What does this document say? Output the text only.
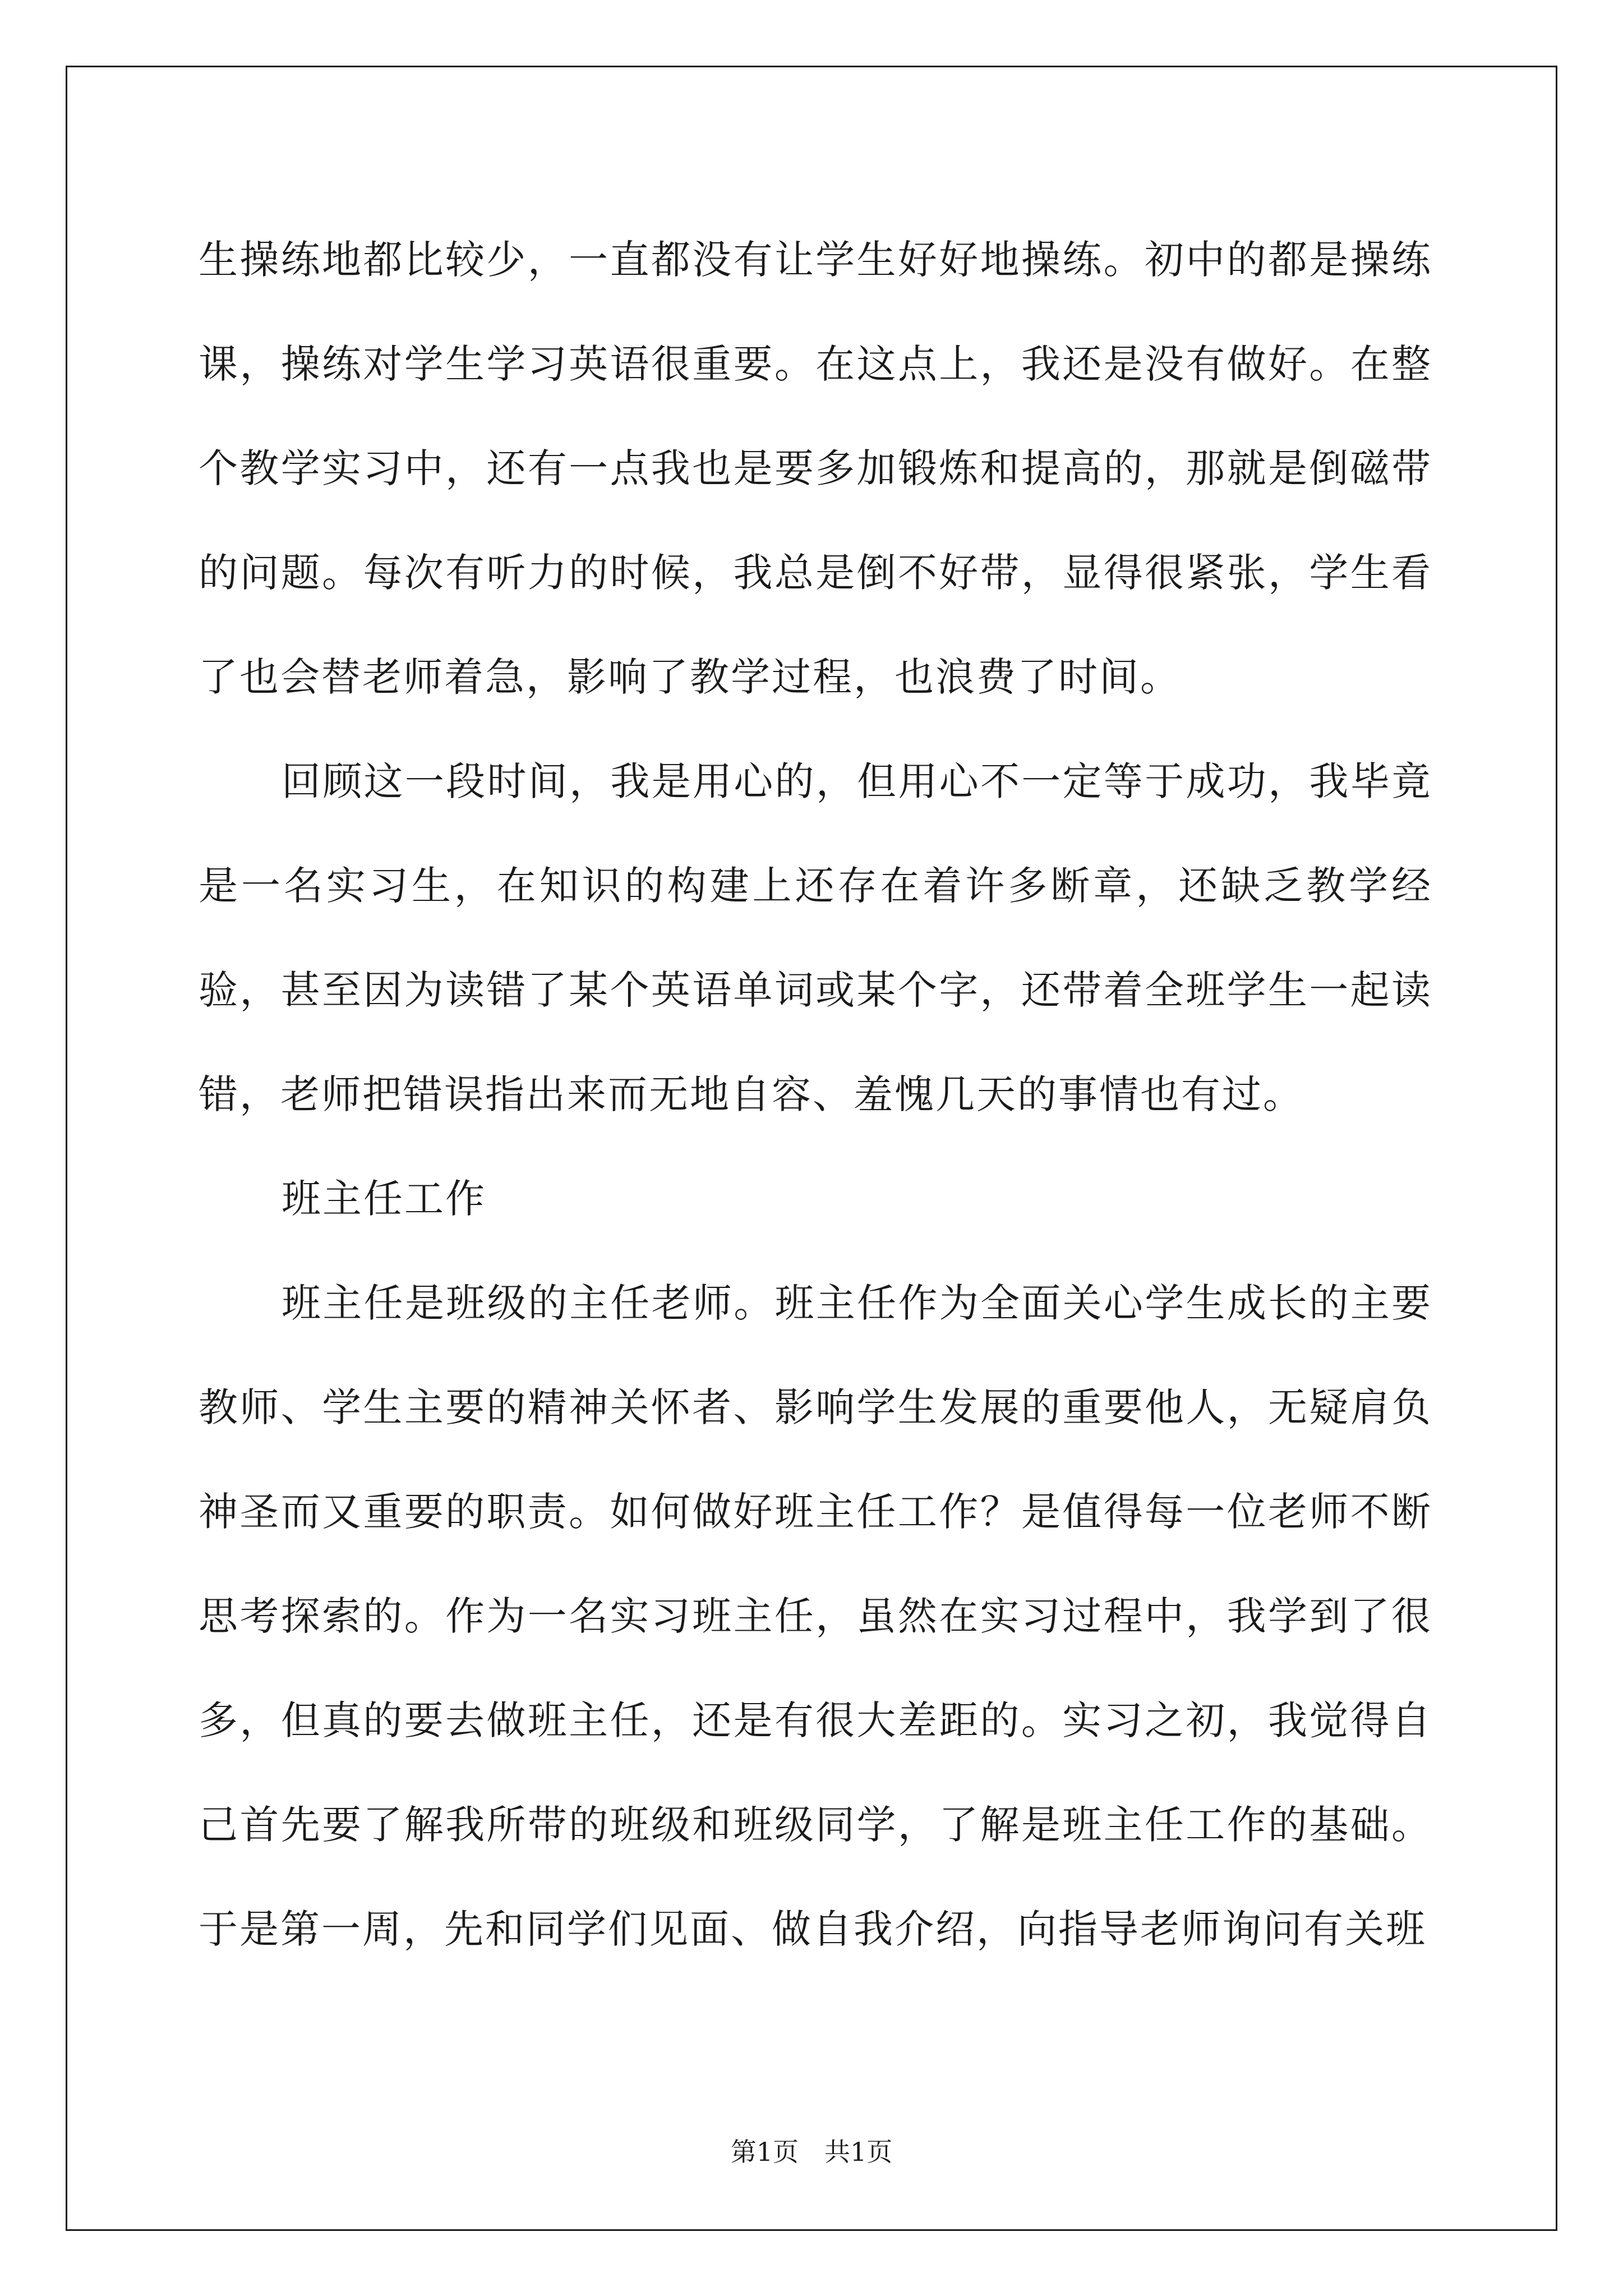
生操练地都比较少，一直都没有让学生好好地操练。初中的都是操练课，操练对学生学习英语很重要。在这点上，我还是没有做好。在整个教学实习中，还有一点我也是要多加锻炼和提高的，那就是倒磁带的问题。每次有听力的时候，我总是倒不好带，显得很紧张，学生看了也会替老师着急，影响了教学过程，也浪费了时间。

回顾这一段时间，我是用心的，但用心不一定等于成功，我毕竟是一名实习生，在知识的构建上还存在着许多断章，还缺乏教学经验，甚至因为读错了某个英语单词或某个字，还带着全班学生一起读错，老师把错误指出来而无地自容、羞愧几天的事情也有过。

班主任工作

班主任是班级的主任老师。班主任作为全面关心学生成长的主要教师、学生主要的精神关怀者、影响学生发展的重要他人，无疑肩负神圣而又重要的职责。如何做好班主任工作？是值得每一位老师不断思考探索的。作为一名实习班主任，虽然在实习过程中，我学到了很多，但真的要去做班主任，还是有很大差距的。实习之初，我觉得自己首先要了解我所带的班级和班级同学，了解是班主任工作的基础。于是第一周，先和同学们见面、做自我介绍，向指导老师询问有关班

第1页　共1页
